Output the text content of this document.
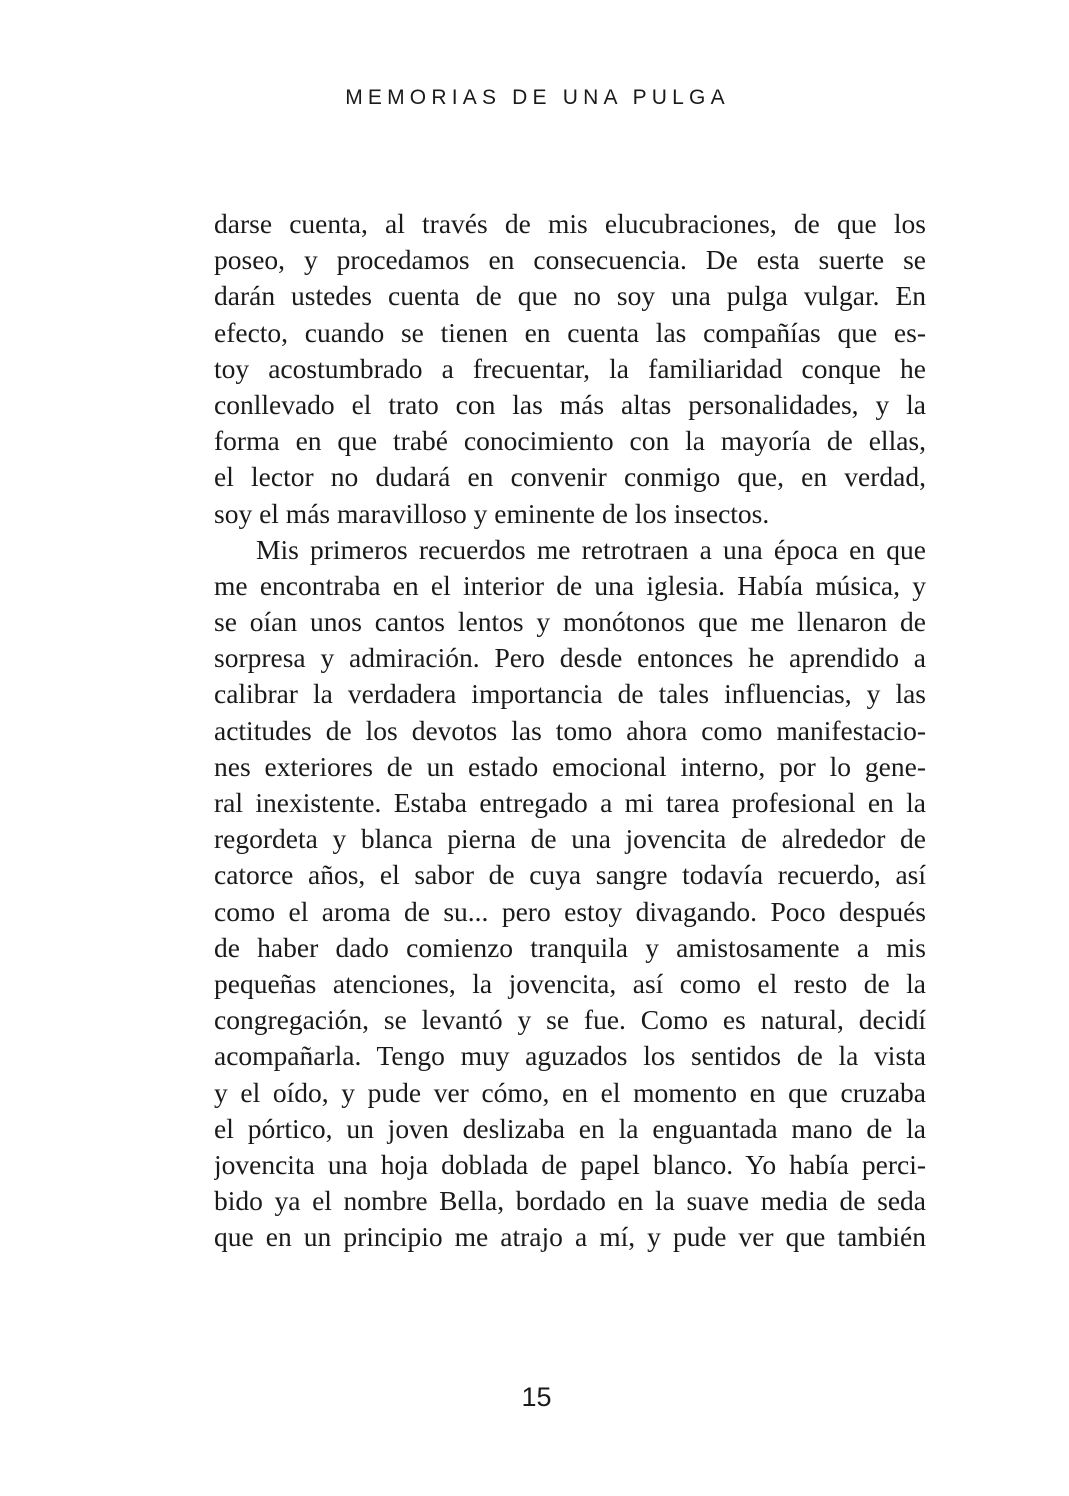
MEMORIAS DE UNA PULGA
darse cuenta, al través de mis elucubraciones, de que los
poseo, y procedamos en consecuencia. De esta suerte se
darán ustedes cuenta de que no soy una pulga vulgar. En
efecto, cuando se tienen en cuenta las compañías que es-
toy acostumbrado a frecuentar, la familiaridad conque he
conllevado el trato con las más altas personalidades, y la
forma en que trabé conocimiento con la mayoría de ellas,
el lector no dudará en convenir conmigo que, en verdad,
soy el más maravilloso y eminente de los insectos.
Mis primeros recuerdos me retrotraen a una época en que
me encontraba en el interior de una iglesia. Había música, y
se oían unos cantos lentos y monótonos que me llenaron de
sorpresa y admiración. Pero desde entonces he aprendido a
calibrar la verdadera importancia de tales influencias, y las
actitudes de los devotos las tomo ahora como manifestacio-
nes exteriores de un estado emocional interno, por lo gene-
ral inexistente. Estaba entregado a mi tarea profesional en la
regordeta y blanca pierna de una jovencita de alrededor de
catorce años, el sabor de cuya sangre todavía recuerdo, así
como el aroma de su... pero estoy divagando. Poco después
de haber dado comienzo tranquila y amistosamente a mis
pequeñas atenciones, la jovencita, así como el resto de la
congregación, se levantó y se fue. Como es natural, decidí
acompañarla. Tengo muy aguzados los sentidos de la vista
y el oído, y pude ver cómo, en el momento en que cruzaba
el pórtico, un joven deslizaba en la enguantada mano de la
jovencita una hoja doblada de papel blanco. Yo había perci-
bido ya el nombre Bella, bordado en la suave media de seda
que en un principio me atrajo a mí, y pude ver que también
15
